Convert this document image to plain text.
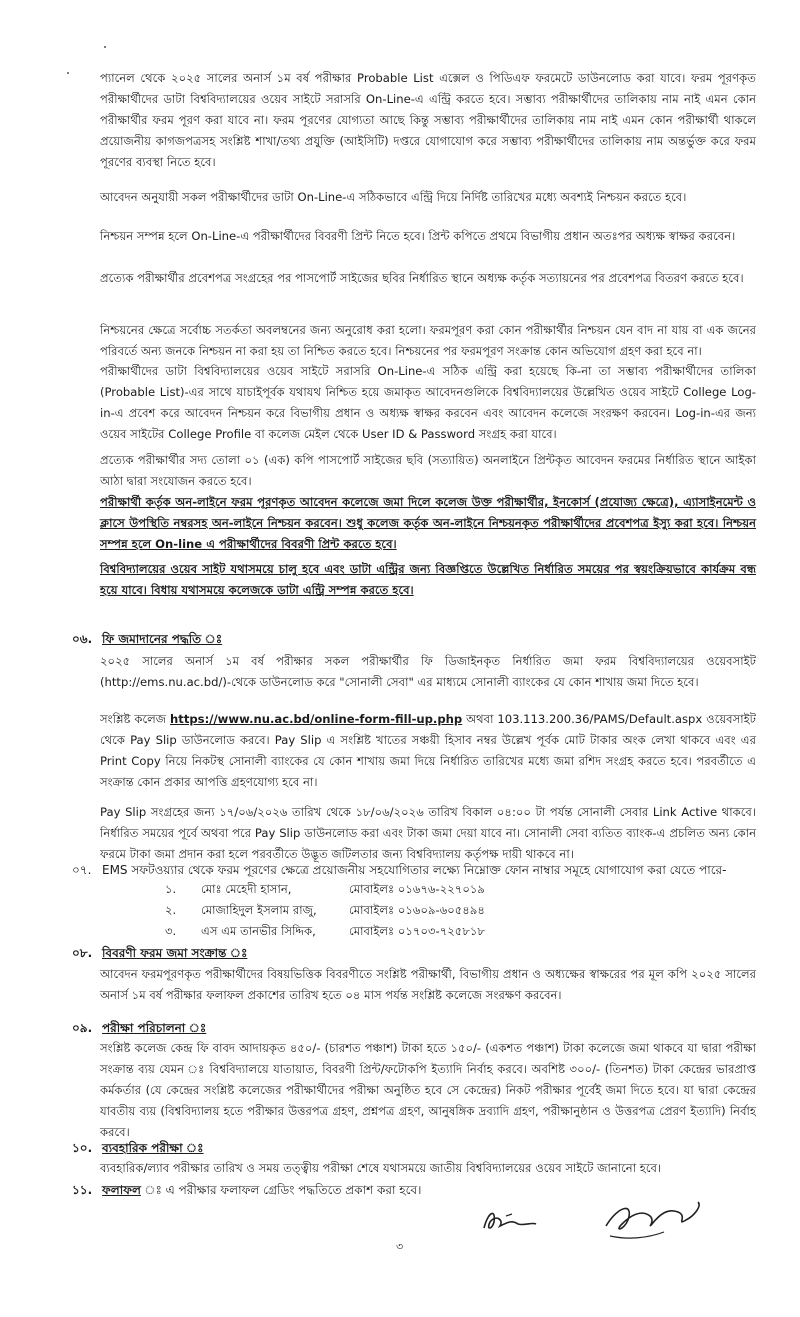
প্যানেল থেকে ২০২৫ সালের অনার্স ১ম বর্ষ পরীক্ষার Probable List এক্সেল ও পিডিএফ ফরমেটে ডাউনলোড করা যাবে। ফরম পূরণকৃত পরীক্ষার্থীদের ডাটা বিশ্ববিদ্যালয়ের ওয়েব সাইটে সরাসরি On-Line-এ এন্ট্রি করতে হবে। সম্ভাব্য পরীক্ষার্থীদের তালিকায় নাম নাই এমন কোন পরীক্ষার্থীর ফরম পূরণ করা যাবে না। ফরম পূরণের যোগ্যতা আছে কিন্তু সম্ভাব্য পরীক্ষার্থীদের তালিকায় নাম নাই এমন কোন পরীক্ষার্থী থাকলে প্রয়োজনীয় কাগজপত্রসহ সংশ্লিষ্ট শাখা/তথ্য প্রযুক্তি (আইসিটি) দপ্তরে যোগাযোগ করে সম্ভাব্য পরীক্ষার্থীদের তালিকায় নাম অন্তর্ভুক্ত করে ফরম পূরণের ব্যবস্থা নিতে হবে।

আবেদন অনুযায়ী সকল পরীক্ষার্থীদের ডাটা On-Line-এ সঠিকভাবে এন্ট্রি দিয়ে নির্দিষ্ট তারিখের মধ্যে অবশ্যই নিশ্চয়ন করতে হবে।

নিশ্চয়ন সম্পন্ন হলে On-Line-এ পরীক্ষার্থীদের বিবরণী প্রিন্ট নিতে হবে। প্রিন্ট কপিতে প্রথমে বিভাগীয় প্রধান অতঃপর অধ্যক্ষ স্বাক্ষর করবেন।

প্রত্যেক পরীক্ষার্থীর প্রবেশপত্র সংগ্রহের পর পাসপোর্ট সাইজের ছবির নির্ধারিত স্থানে অধ্যক্ষ কর্তৃক সত্যায়নের পর প্রবেশপত্র বিতরণ করতে হবে।

নিশ্চয়নের ক্ষেত্রে সর্বোচ্চ সতর্কতা অবলম্বনের জন্য অনুরোধ করা হলো। ফরমপূরণ করা কোন পরীক্ষার্থীর নিশ্চয়ন যেন বাদ না যায় বা এক জনের পরিবর্তে অন্য জনকে নিশ্চয়ন না করা হয় তা নিশ্চিত করতে হবে। নিশ্চয়নের পর ফরমপূরণ সংক্রান্ত কোন অভিযোগ গ্রহণ করা হবে না।

পরীক্ষার্থীদের ডাটা বিশ্ববিদ্যালয়ের ওয়েব সাইটে সরাসরি On-Line-এ সঠিক এন্ট্রি করা হয়েছে কি-না তা সম্ভাব্য পরীক্ষার্থীদের তালিকা (Probable List)-এর সাথে যাচাইপূর্বক যথাযথ নিশ্চিত হয়ে জমাকৃত আবেদনগুলিকে বিশ্ববিদ্যালয়ের উল্লেখিত ওয়েব সাইটে College Log-in-এ প্রবেশ করে আবেদন নিশ্চয়ন করে বিভাগীয় প্রধান ও অধ্যক্ষ স্বাক্ষর করবেন এবং আবেদন কলেজে সংরক্ষণ করবেন। Log-in-এর জন্য ওয়েব সাইটের College Profile বা কলেজ মেইল থেকে User ID & Password সংগ্রহ করা যাবে।

প্রত্যেক পরীক্ষার্থীর সদ্য তোলা ০১ (এক) কপি পাসপোর্ট সাইজের ছবি (সত্যায়িত) অনলাইনে প্রিন্টকৃত আবেদন ফরমের নির্ধারিত স্থানে আইকা আঠা দ্বারা সংযোজন করতে হবে।

পরীক্ষার্থী কর্তৃক অন-লাইনে ফরম পূরণকৃত আবেদন কলেজে জমা দিলে কলেজ উক্ত পরীক্ষার্থীর, ইনকোর্স (প্রযোজ্য ক্ষেত্রে), এ্যাসাইনমেন্ট ও ক্লাসে উপস্থিতি নম্বরসহ অন-লাইনে নিশ্চয়ন করবেন। শুধু কলেজ কর্তৃক অন-লাইনে নিশ্চয়নকৃত পরীক্ষার্থীদের প্রবেশপত্র ইস্যু করা হবে। নিশ্চয়ন সম্পন্ন হলে On-line এ পরীক্ষার্থীদের বিবরণী প্রিন্ট করতে হবে।

বিশ্ববিদ্যালয়ের ওয়েব সাইট যথাসময়ে চালু হবে এবং ডাটা এন্ট্রির জন্য বিজ্ঞপ্তিতে উল্লেখিত নির্ধারিত সময়ের পর স্বয়ংক্রিয়ভাবে কার্যক্রম বন্ধ হয়ে যাবে। বিধায় যথাসময়ে কলেজকে ডাটা এন্ট্রি সম্পন্ন করতে হবে।

০৬. ফি জমাদানের পদ্ধতি ঃ

২০২৫ সালের অনার্স ১ম বর্ষ পরীক্ষার সকল পরীক্ষার্থীর ফি ডিজাইনকৃত নির্ধারিত জমা ফরম বিশ্ববিদ্যালয়ের ওয়েবসাইট (http://ems.nu.ac.bd/)-থেকে ডাউনলোড করে "সোনালী সেবা" এর মাধ্যমে সোনালী ব্যাংকের যে কোন শাখায় জমা দিতে হবে।

সংশ্লিষ্ট কলেজ https://www.nu.ac.bd/online-form-fill-up.php অথবা 103.113.200.36/PAMS/Default.aspx ওয়েবসাইট থেকে Pay Slip ডাউনলোড করবে। Pay Slip এ সংশ্লিষ্ট খাতের সঞ্চয়ী হিসাব নম্বর উল্লেখ পূর্বক মোট টাকার অংক লেখা থাকবে এবং এর Print Copy নিয়ে নিকটস্থ সোনালী ব্যাংকের যে কোন শাখায় জমা দিয়ে নির্ধারিত তারিখের মধ্যে জমা রশিদ সংগ্রহ করতে হবে। পরবর্তীতে এ সংক্রান্ত কোন প্রকার আপত্তি গ্রহণযোগ্য হবে না।

Pay Slip সংগ্রহের জন্য ১৭/০৬/২০২৬ তারিখ থেকে ১৮/০৬/২০২৬ তারিখ বিকাল ০৪:০০ টা পর্যন্ত সোনালী সেবার Link Active থাকবে। নির্ধারিত সময়ের পূর্বে অথবা পরে Pay Slip ডাউনলোড করা এবং টাকা জমা দেয়া যাবে না। সোনালী সেবা ব্যতিত ব্যাংক-এ প্রচলিত অন্য কোন ফরমে টাকা জমা প্রদান করা হলে পরবর্তীতে উদ্ভূত জটিলতার জন্য বিশ্ববিদ্যালয় কর্তৃপক্ষ দায়ী থাকবে না।

০৭. EMS সফটওয়্যার থেকে ফরম পূরণের ক্ষেত্রে প্রয়োজনীয় সহযোগিতার লক্ষ্যে নিম্নোক্ত ফোন নাম্বার সমূহে যোগাযোগ করা যেতে পারে-
১. মোঃ মেহেদী হাসান,	মোবাইলঃ ০১৬৭৬-২২৭০১৯
২. মোজাহিদুল ইসলাম রাজু,	মোবাইলঃ ০১৬০৯-৬০৫৪৯৪
৩. এস এম তানভীর সিদ্দিক,	মোবাইলঃ ০১৭০৩-৭২৫৮১৮
০৮. বিবরণী ফরম জমা সংক্রান্ত ঃ

আবেদন ফরমপূরণকৃত পরীক্ষার্থীদের বিষয়ভিত্তিক বিবরণীতে সংশ্লিষ্ট পরীক্ষার্থী, বিভাগীয় প্রধান ও অধ্যক্ষের স্বাক্ষরের পর মূল কপি ২০২৫ সালের অনার্স ১ম বর্ষ পরীক্ষার ফলাফল প্রকাশের তারিখ হতে ০৪ মাস পর্যন্ত সংশ্লিষ্ট কলেজে সংরক্ষণ করবেন।

০৯. পরীক্ষা পরিচালনা ঃ

সংশ্লিষ্ট কলেজ কেন্দ্র ফি বাবদ আদায়কৃত ৪৫০/- (চারশত পঞ্চাশ) টাকা হতে ১৫০/- (একশত পঞ্চাশ) টাকা কলেজে জমা থাকবে যা দ্বারা পরীক্ষা সংক্রান্ত ব্যয় যেমন ঃ বিশ্ববিদ্যালয়ে যাতায়াত, বিবরণী প্রিন্ট/ফটোকপি ইত্যাদি নির্বাহ করবে। অবশিষ্ট ৩০০/- (তিনশত) টাকা কেন্দ্রের ভারপ্রাপ্ত কর্মকর্তার (যে কেন্দ্রের সংশ্লিষ্ট কলেজের পরীক্ষার্থীদের পরীক্ষা অনুষ্ঠিত হবে সে কেন্দ্রের) নিকট পরীক্ষার পূর্বেই জমা দিতে হবে। যা দ্বারা কেন্দ্রের যাবতীয় ব্যয় (বিশ্ববিদ্যালয় হতে পরীক্ষার উত্তরপত্র গ্রহণ, প্রশ্নপত্র গ্রহণ, আনুষঙ্গিক দ্রব্যাদি গ্রহণ, পরীক্ষানুষ্ঠান ও উত্তরপত্র প্রেরণ ইত্যাদি) নির্বাহ করবে।

১০. ব্যবহারিক পরীক্ষা ঃ

ব্যবহারিক/ল্যাব পরীক্ষার তারিখ ও সময় তত্ত্বীয় পরীক্ষা শেষে যথাসময়ে জাতীয় বিশ্ববিদ্যালয়ের ওয়েব সাইটে জানানো হবে।

১১. ফলাফল ঃ এ পরীক্ষার ফলাফল গ্রেডিং পদ্ধতিতে প্রকাশ করা হবে।
৩
